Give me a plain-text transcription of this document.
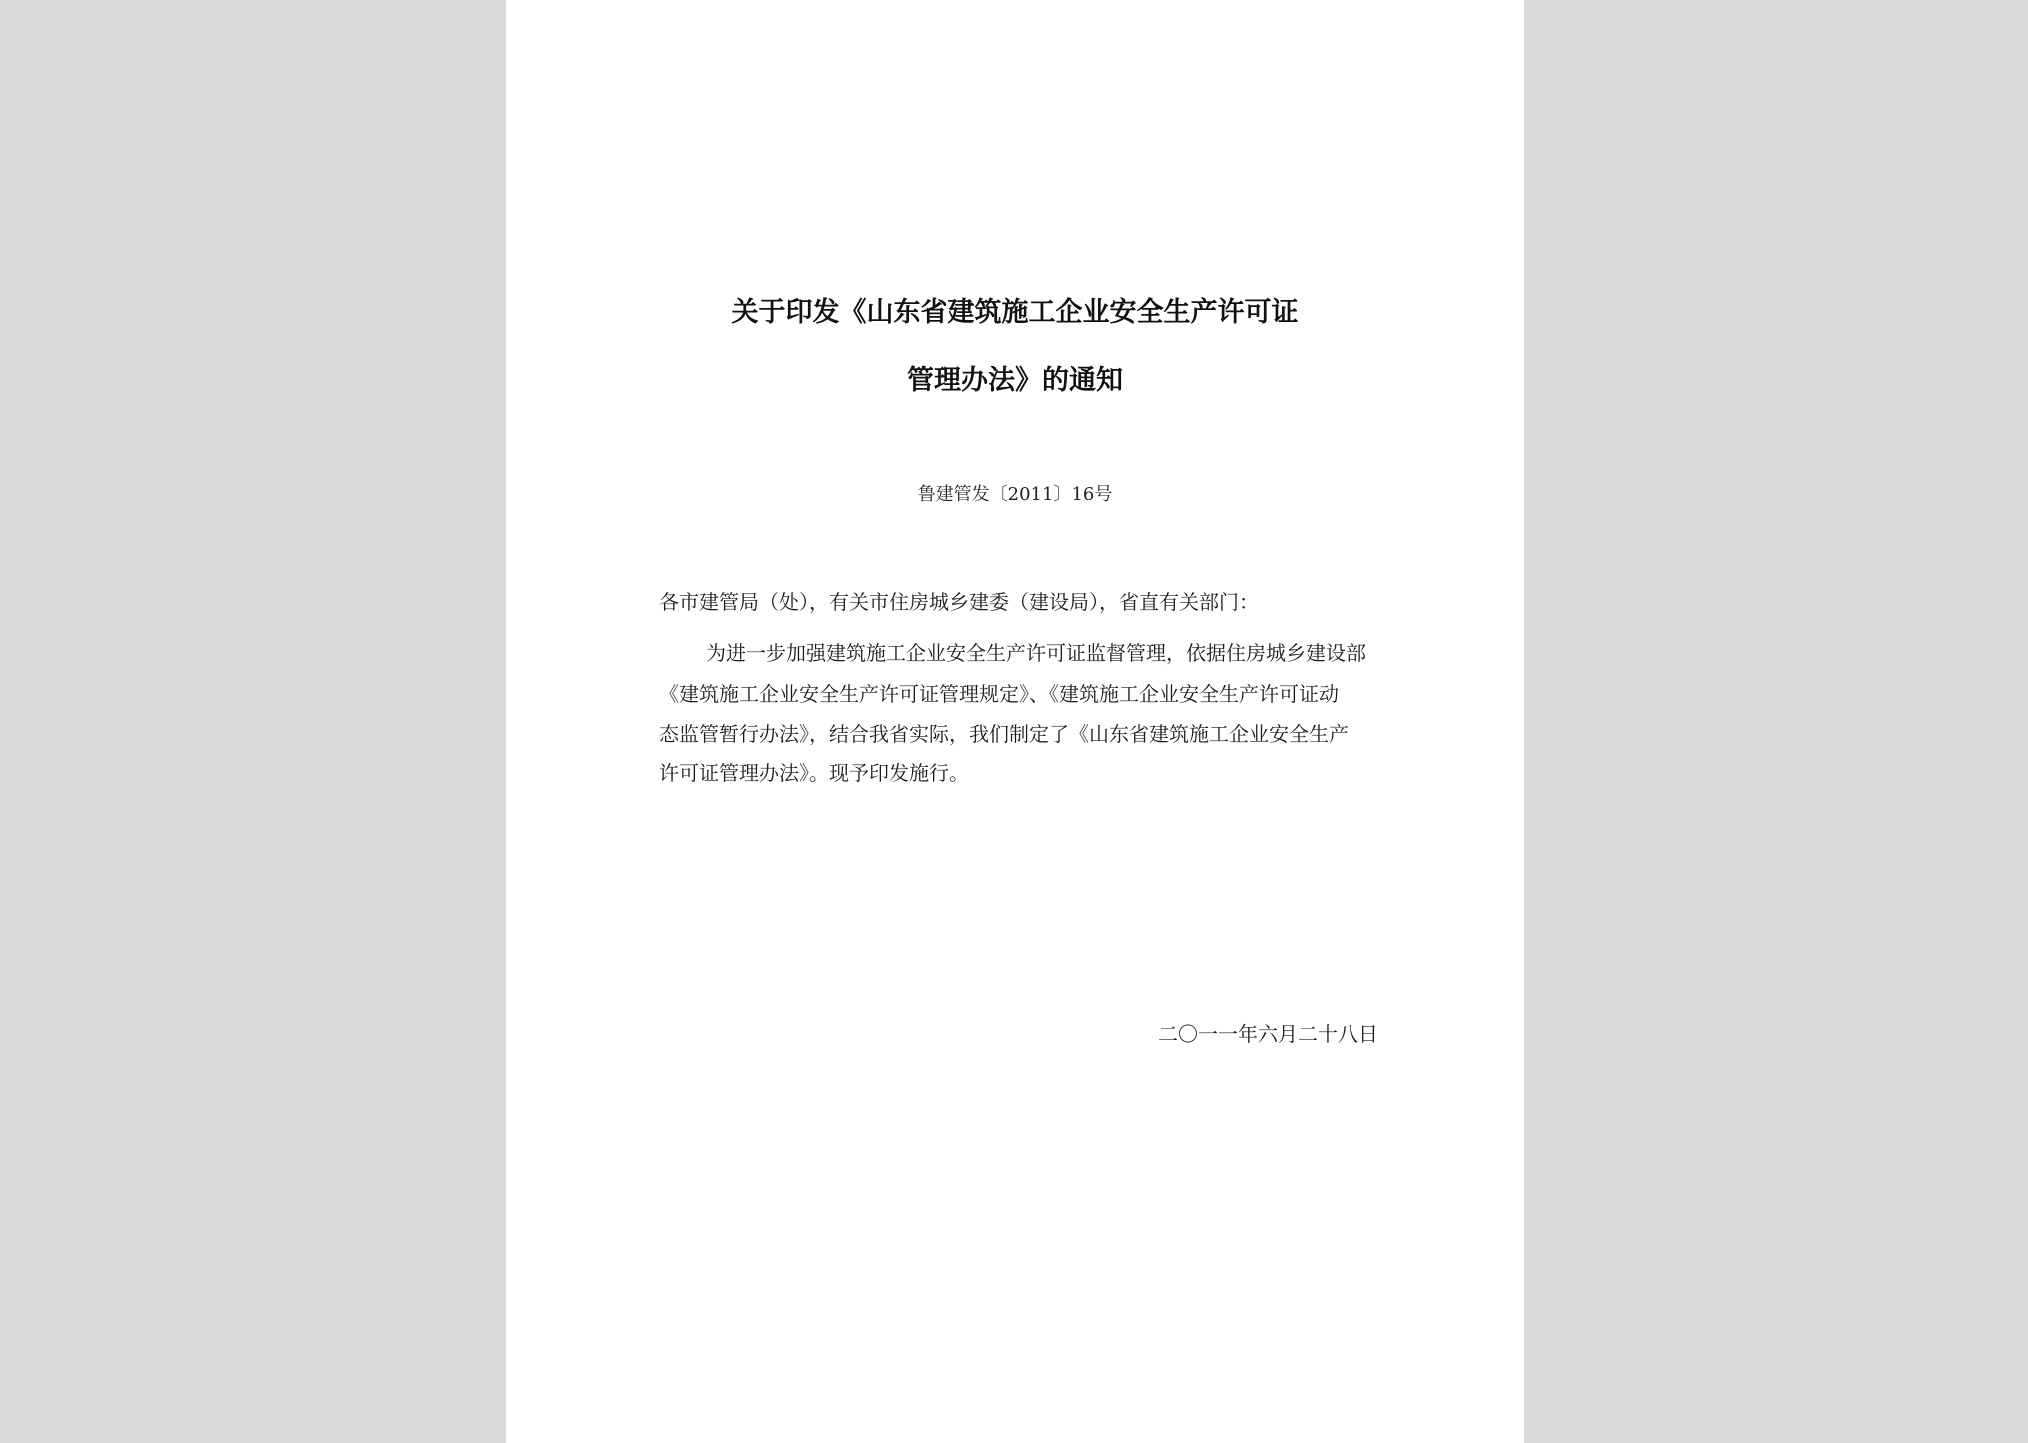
关于印发《山东省建筑施工企业安全生产许可证
管理办法》的通知
鲁建管发〔2011〕16号
各市建管局（处），有关市住房城乡建委（建设局），省直有关部门：
为进一步加强建筑施工企业安全生产许可证监督管理，依据住房城乡建设部
《建筑施工企业安全生产许可证管理规定》、《建筑施工企业安全生产许可证动
态监管暂行办法》，结合我省实际，我们制定了《山东省建筑施工企业安全生产
许可证管理办法》。现予印发施行。
二〇一一年六月二十八日
